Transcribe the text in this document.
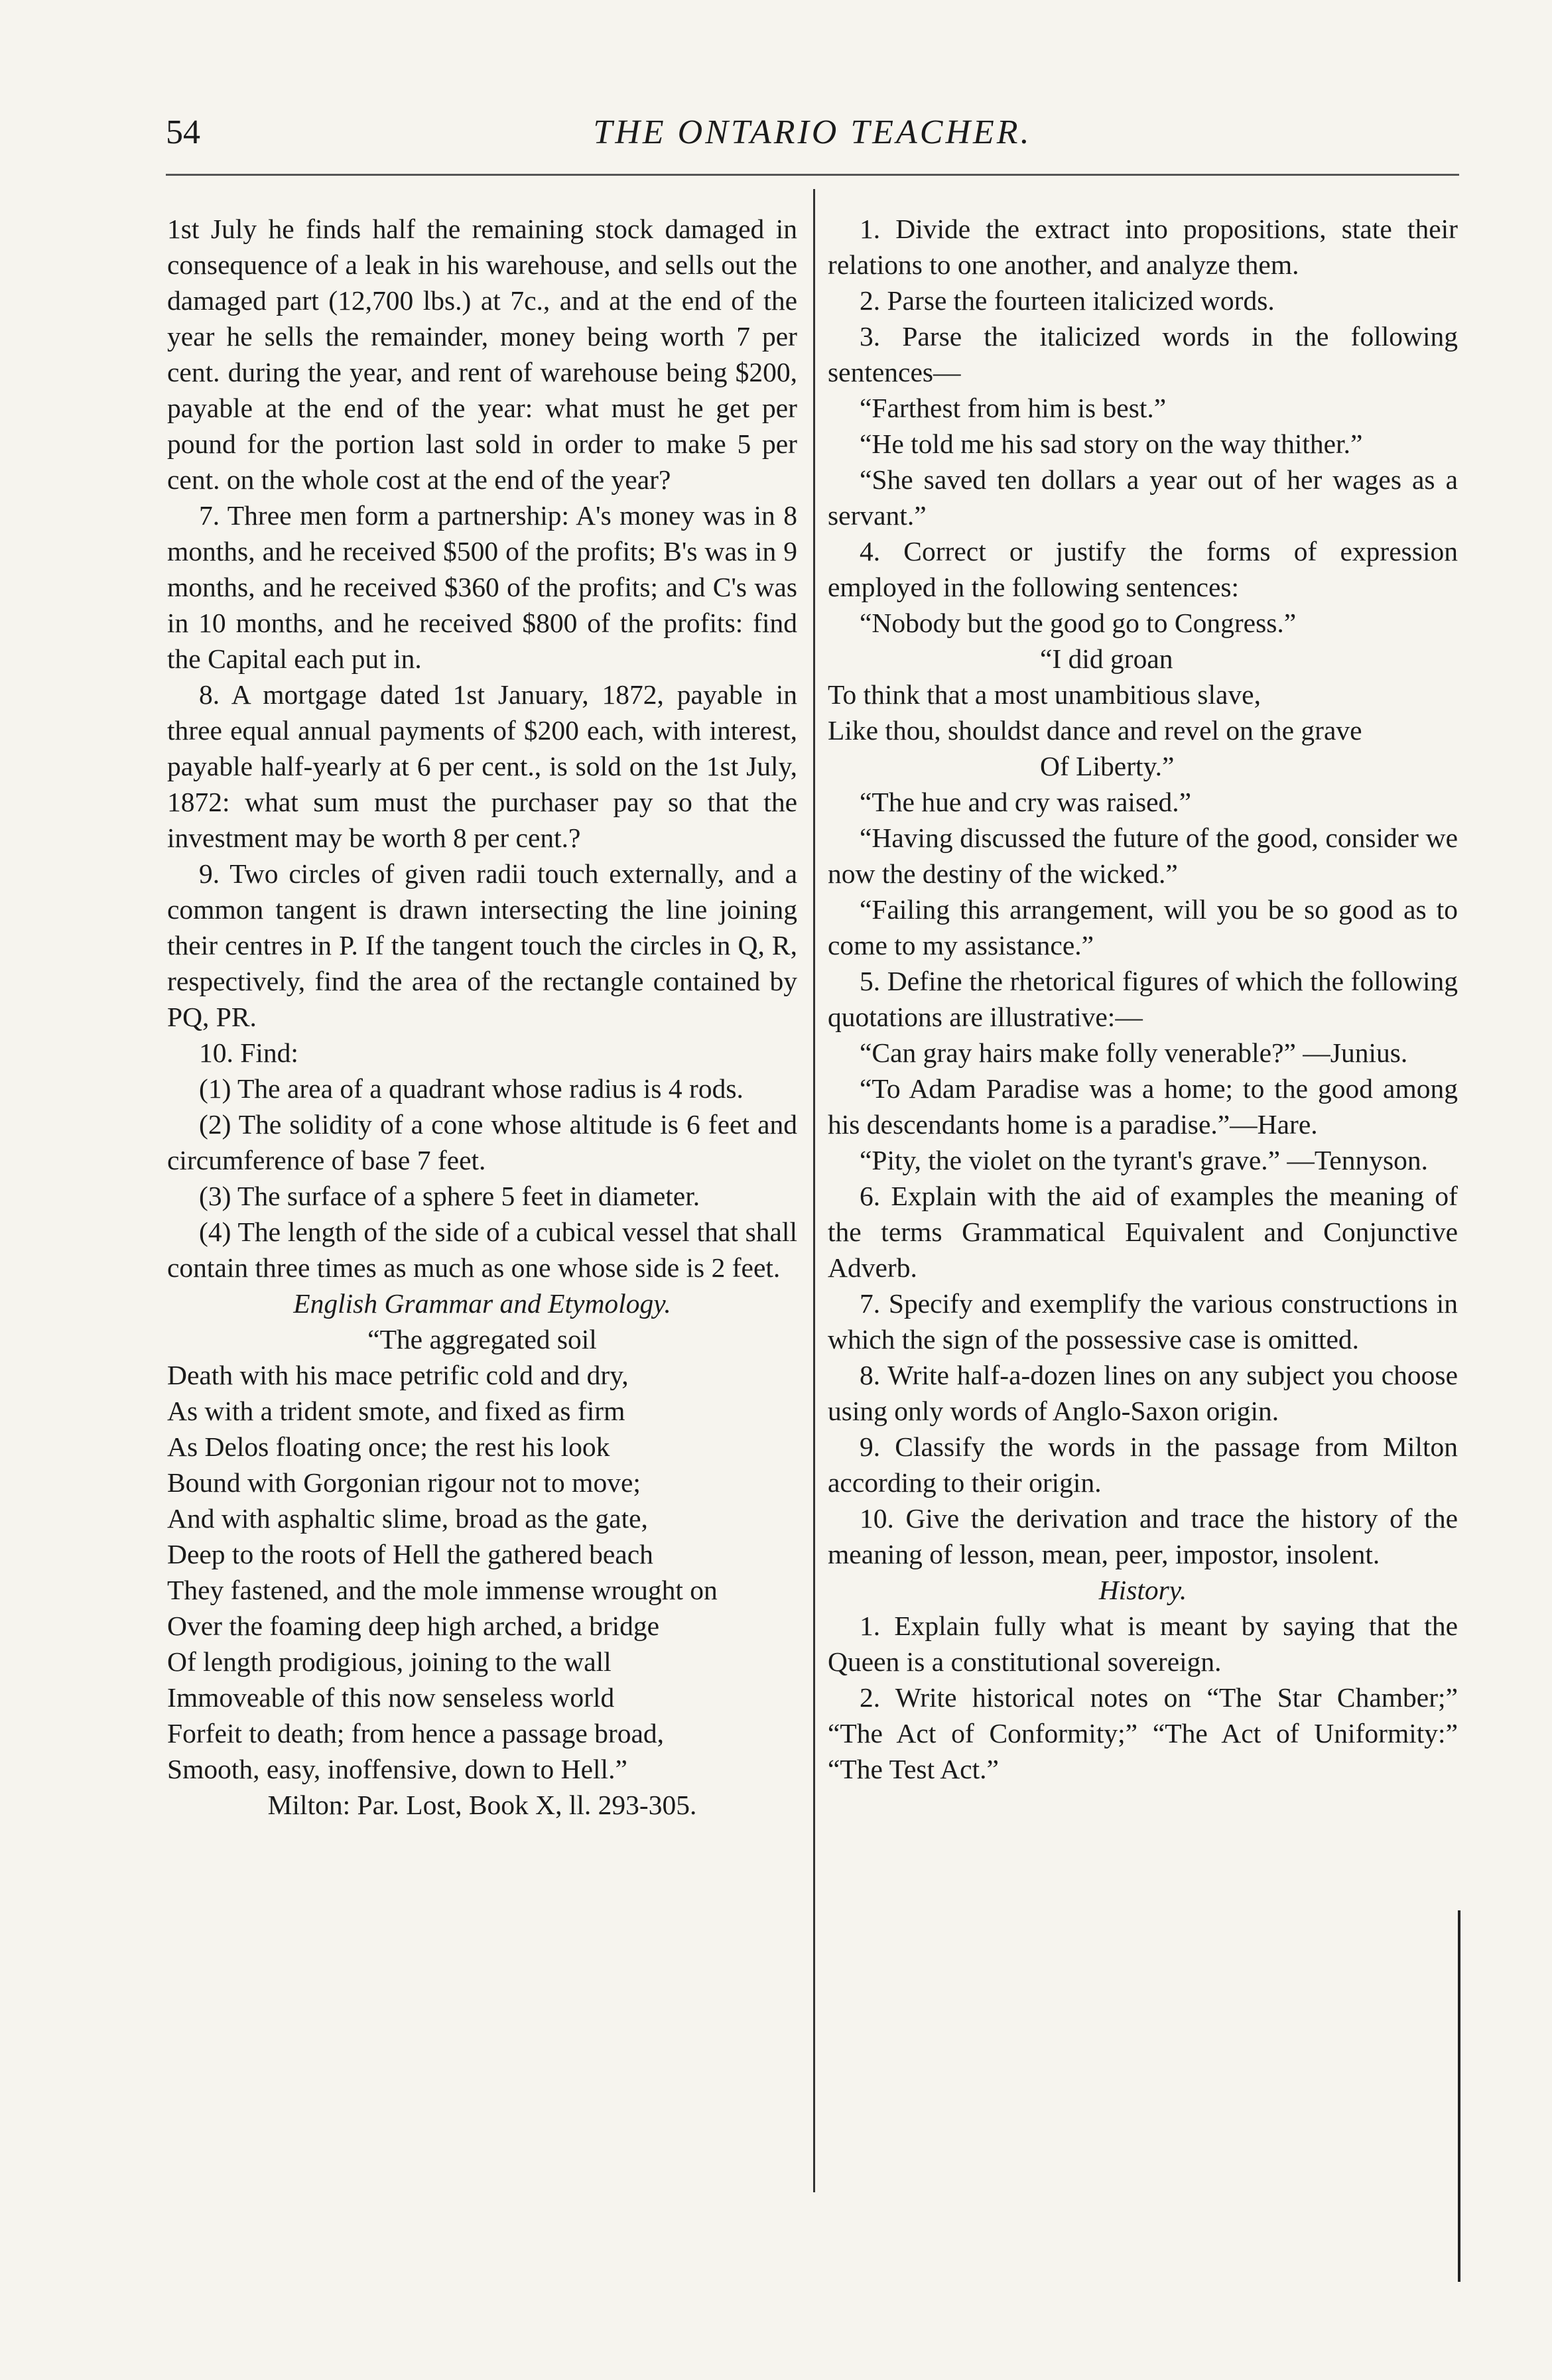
54	THE ONTARIO TEACHER.

1st July he finds half the remaining stock damaged in consequence of a leak in his warehouse, and sells out the damaged part (12,700 lbs.) at 7c., and at the end of the year he sells the remainder, money being worth 7 per cent. during the year, and rent of warehouse being $200, payable at the end of the year: what must he get per pound for the portion last sold in order to make 5 per cent. on the whole cost at the end of the year?

7. Three men form a partnership: A's money was in 8 months, and he received $500 of the profits; B's was in 9 months, and he received $360 of the profits; and C's was in 10 months, and he received $800 of the profits: find the Capital each put in.

8. A mortgage dated 1st January, 1872, payable in three equal annual payments of $200 each, with interest, payable half-yearly at 6 per cent., is sold on the 1st July, 1872: what sum must the purchaser pay so that the investment may be worth 8 per cent.?

9. Two circles of given radii touch externally, and a common tangent is drawn intersecting the line joining their centres in P. If the tangent touch the circles in Q, R, respectively, find the area of the rectangle contained by PQ, PR.

10. Find:

(1) The area of a quadrant whose radius is 4 rods.

(2) The solidity of a cone whose altitude is 6 feet and circumference of base 7 feet.

(3) The surface of a sphere 5 feet in diameter.

(4) The length of the side of a cubical vessel that shall contain three times as much as one whose side is 2 feet.

English Grammar and Etymology.

“The aggregated soil

Death with his mace petrific cold and dry,

As with a trident smote, and fixed as firm

As Delos floating once; the rest his look

Bound with Gorgonian rigour not to move;

And with asphaltic slime, broad as the gate,

Deep to the roots of Hell the gathered beach

They fastened, and the mole immense wrought on

Over the foaming deep high arched, a bridge

Of length prodigious, joining to the wall

Immoveable of this now senseless world

Forfeit to death; from hence a passage broad,

Smooth, easy, inoffensive, down to Hell.”

Milton: Par. Lost, Book X, ll. 293-305.

1. Divide the extract into propositions, state their relations to one another, and analyze them.

2. Parse the fourteen italicized words.

3. Parse the italicized words in the following sentences—

“Farthest from him is best.”

“He told me his sad story on the way thither.”

“She saved ten dollars a year out of her wages as a servant.”

4. Correct or justify the forms of expression employed in the following sentences:

“Nobody but the good go to Congress.”

“I did groan

To think that a most unambitious slave,

Like thou, shouldst dance and revel on the grave

Of Liberty.”

“The hue and cry was raised.”

“Having discussed the future of the good, consider we now the destiny of the wicked.”

“Failing this arrangement, will you be so good as to come to my assistance.”

5. Define the rhetorical figures of which the following quotations are illustrative:—

“Can gray hairs make folly venerable?” —Junius.

“To Adam Paradise was a home; to the good among his descendants home is a paradise.”—Hare.

“Pity, the violet on the tyrant's grave.” —Tennyson.

6. Explain with the aid of examples the meaning of the terms Grammatical Equivalent and Conjunctive Adverb.

7. Specify and exemplify the various constructions in which the sign of the possessive case is omitted.

8. Write half-a-dozen lines on any subject you choose using only words of Anglo-Saxon origin.

9. Classify the words in the passage from Milton according to their origin.

10. Give the derivation and trace the history of the meaning of lesson, mean, peer, impostor, insolent.

History.

1. Explain fully what is meant by saying that the Queen is a constitutional sovereign.

2. Write historical notes on “The Star Chamber;” “The Act of Conformity;” “The Act of Uniformity:” “The Test Act.”
